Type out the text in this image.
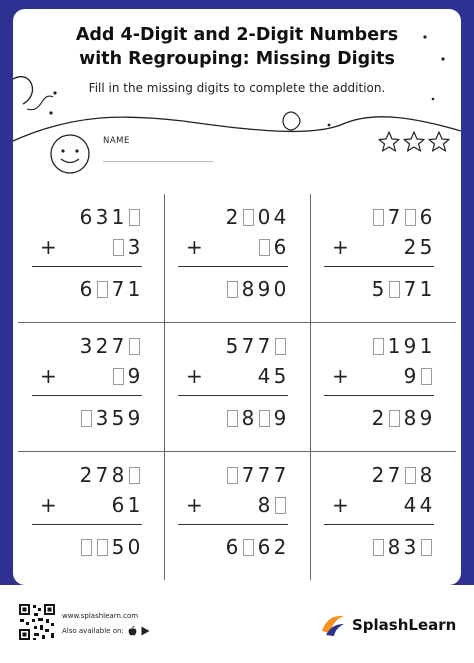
Add 4-Digit and 2-Digit Numbers
with Regrouping: Missing Digits
Fill in the missing digits to complete the addition.
NAME
6 3 1
+	3
6 7 1
2 0 4
+	6
8 9 0
7 6
+	2 5
5 7 1
3 2 7
+	9
3 5 9
5 7 7
+	4 5
8 9
1 9 1
+	9
2 8 9
2 7 8
+	6 1
5 0
7 7 7
+	8
6 6 2
2 7 8
+	4 4
8 3
www.splashlearn.com
Also available on:	SplashLearn
